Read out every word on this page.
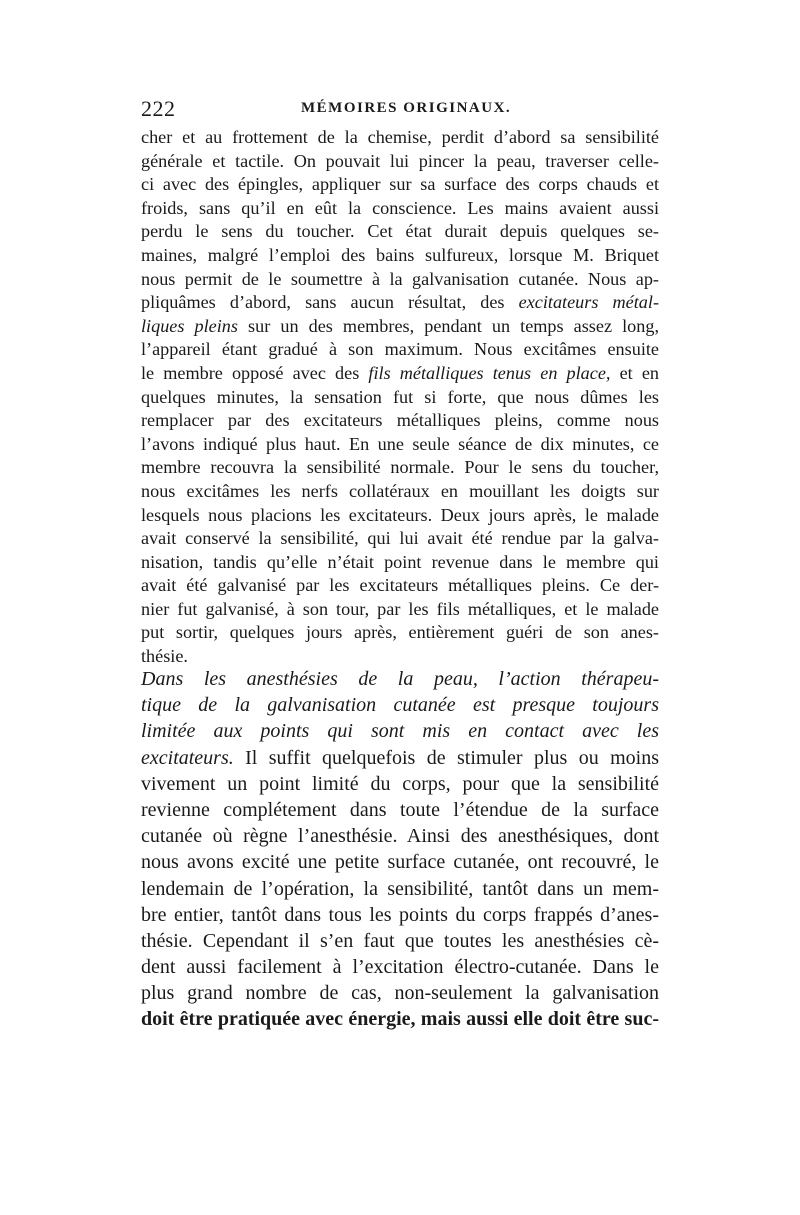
222	MÉMOIRES ORIGINAUX.
cher et au frottement de la chemise, perdit d’abord sa sensibilité
générale et tactile. On pouvait lui pincer la peau, traverser celle-
ci avec des épingles, appliquer sur sa surface des corps chauds et
froids, sans qu’il en eût la conscience. Les mains avaient aussi
perdu le sens du toucher. Cet état durait depuis quelques se-
maines, malgré l’emploi des bains sulfureux, lorsque M. Briquet
nous permit de le soumettre à la galvanisation cutanée. Nous ap-
pliquâmes d’abord, sans aucun résultat, des excitateurs métal-
liques pleins sur un des membres, pendant un temps assez long,
l’appareil étant gradué à son maximum. Nous excitâmes ensuite
le membre opposé avec des fils métalliques tenus en place, et en
quelques minutes, la sensation fut si forte, que nous dûmes les
remplacer par des excitateurs métalliques pleins, comme nous
l’avons indiqué plus haut. En une seule séance de dix minutes, ce
membre recouvra la sensibilité normale. Pour le sens du toucher,
nous excitâmes les nerfs collatéraux en mouillant les doigts sur
lesquels nous placions les excitateurs. Deux jours après, le malade
avait conservé la sensibilité, qui lui avait été rendue par la galva-
nisation, tandis qu’elle n’était point revenue dans le membre qui
avait été galvanisé par les excitateurs métalliques pleins. Ce der-
nier fut galvanisé, à son tour, par les fils métalliques, et le malade
put sortir, quelques jours après, entièrement guéri de son anes-
thésie.
Dans les anesthésies de la peau, l’action thérapeu-
tique de la galvanisation cutanée est presque toujours
limitée aux points qui sont mis en contact avec les
excitateurs. Il suffit quelquefois de stimuler plus ou moins
vivement un point limité du corps, pour que la sensibilité
revienne complétement dans toute l’étendue de la surface
cutanée où règne l’anesthésie. Ainsi des anesthésiques, dont
nous avons excité une petite surface cutanée, ont recouvré, le
lendemain de l’opération, la sensibilité, tantôt dans un mem-
bre entier, tantôt dans tous les points du corps frappés d’anes-
thésie. Cependant il s’en faut que toutes les anesthésies cè-
dent aussi facilement à l’excitation électro-cutanée. Dans le
plus grand nombre de cas, non-seulement la galvanisation
doit être pratiquée avec énergie, mais aussi elle doit être suc-
